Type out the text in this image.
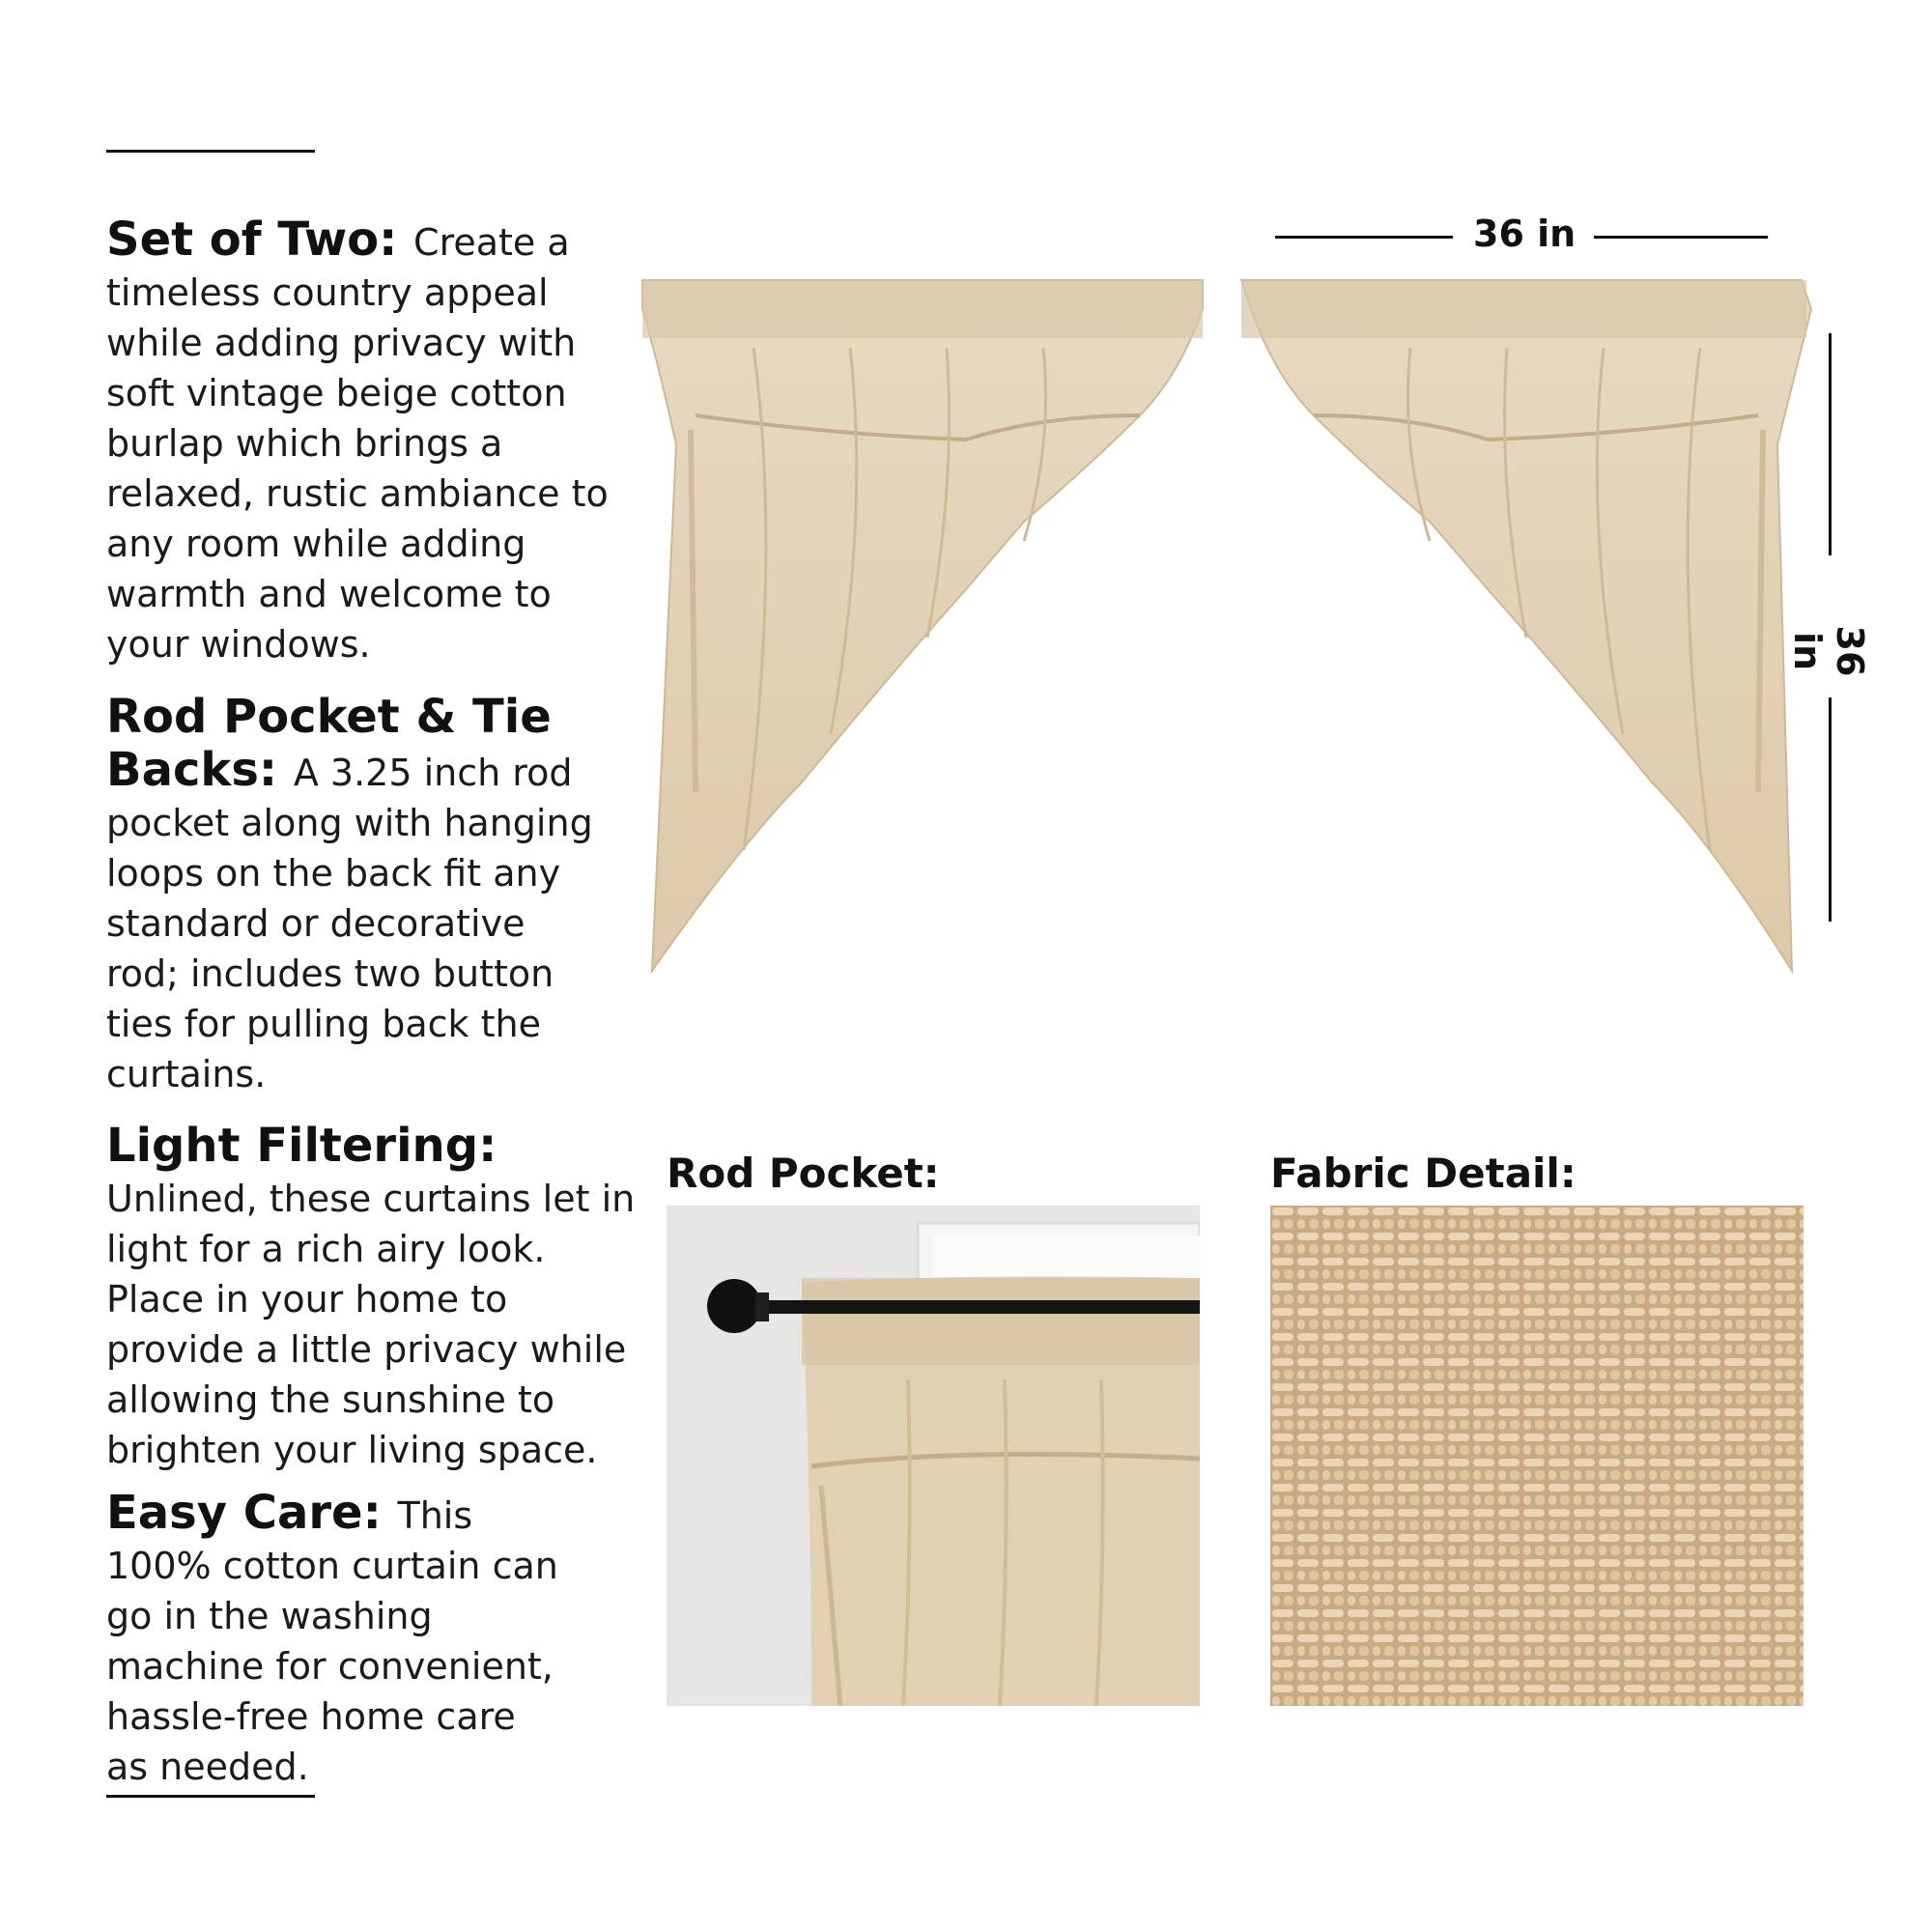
Set of Two: Create a timeless country appeal while adding privacy with soft vintage beige cotton burlap which brings a relaxed, rustic ambiance to any room while adding warmth and welcome to your windows.
Rod Pocket & Tie Backs: A 3.25 inch rod pocket along with hanging loops on the back fit any standard or decorative rod; includes two button ties for pulling back the curtains.
Light Filtering: Unlined, these curtains let in light for a rich airy look. Place in your home to provide a little privacy while allowing the sunshine to brighten your living space.
Easy Care: This 100% cotton curtain can go in the washing machine for convenient, hassle-free home care as needed.
36 in
36 in
Rod Pocket:	Fabric Detail:
